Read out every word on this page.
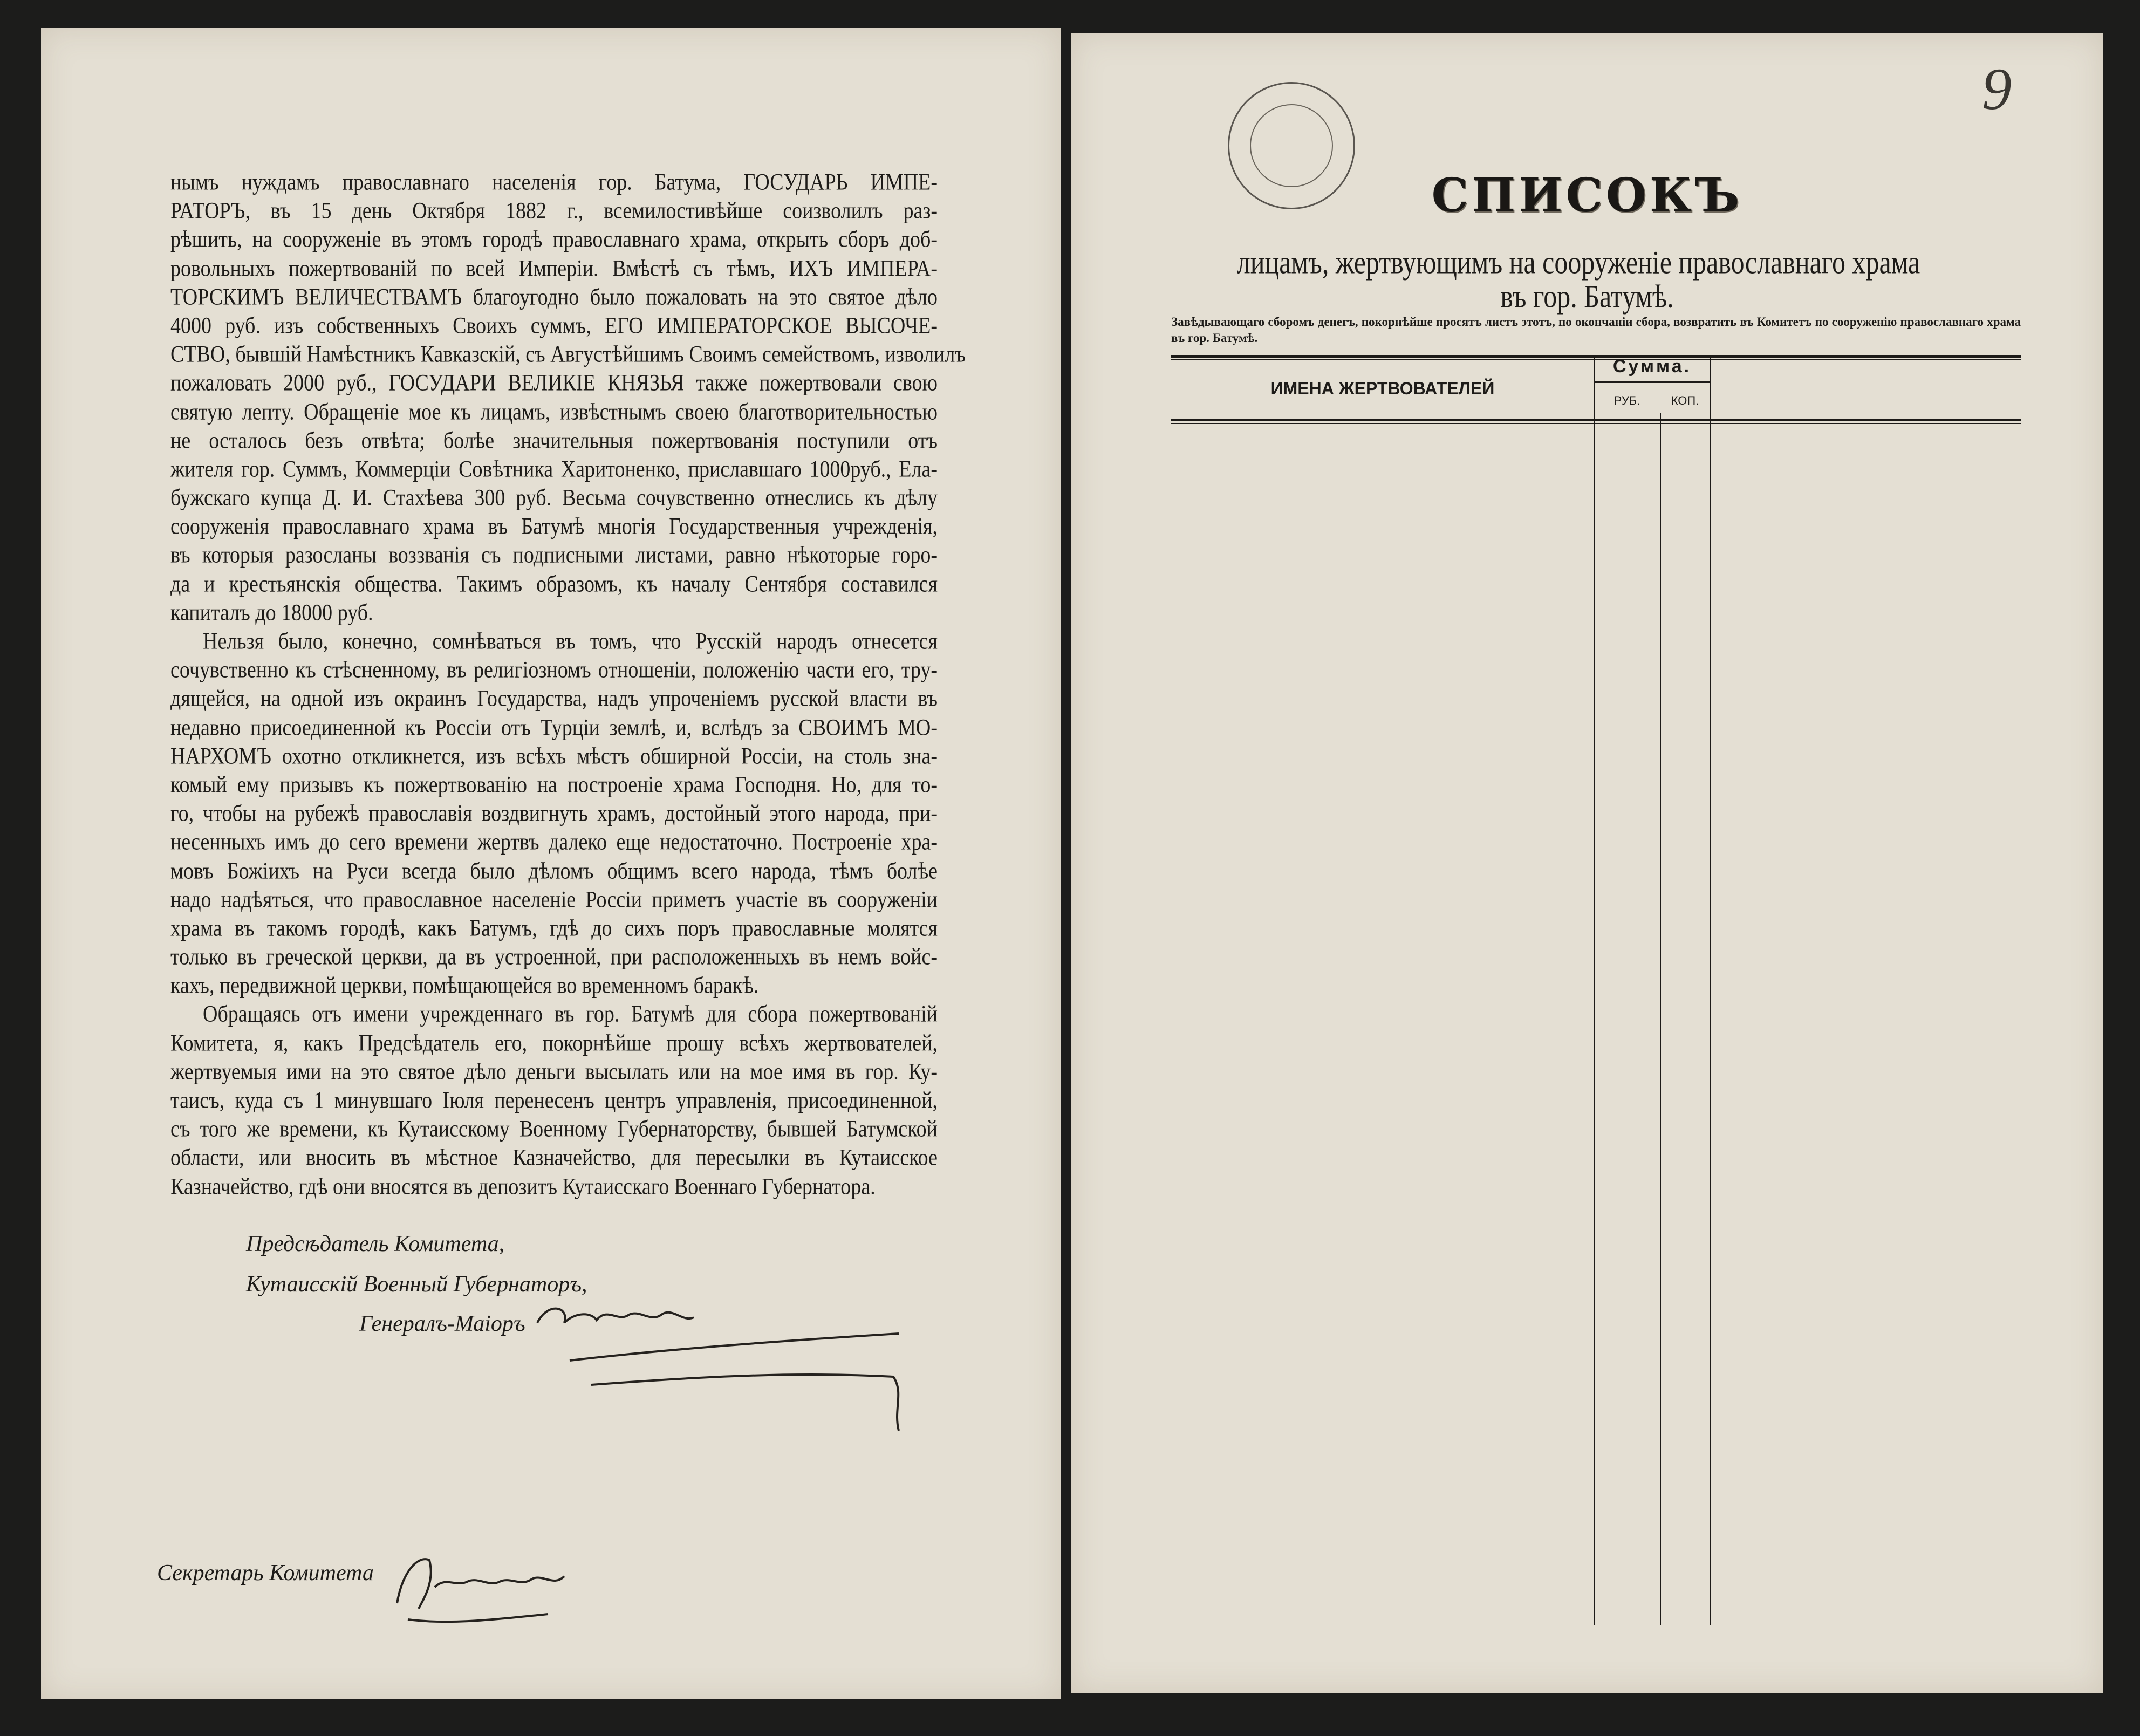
нымъ нуждамъ православнаго населенія гор. Батума, ГОСУДАРЬ ИМПЕ-
РАТОРЪ, въ 15 день Октября 1882 г., всемилостивѣйше соизволилъ раз-
рѣшить, на сооруженіе въ этомъ городѣ православнаго храма, открыть сборъ доб-
ровольныхъ пожертвованій по всей Имперіи. Вмѣстѣ съ тѣмъ, ИХЪ ИМПЕРА-
ТОРСКИМЪ ВЕЛИЧЕСТВАМЪ благоугодно было пожаловать на это святое дѣло
4000 руб. изъ собственныхъ Своихъ суммъ, ЕГО ИМПЕРАТОРСКОЕ ВЫСОЧЕ-
СТВО, бывшій Намѣстникъ Кавказскій, съ Августѣйшимъ Своимъ семействомъ, изволилъ
пожаловать 2000 руб., ГОСУДАРИ ВЕЛИКІЕ КНЯЗЬЯ также пожертвовали свою
святую лепту. Обращеніе мое къ лицамъ, извѣстнымъ своею благотворительностью
не осталось безъ отвѣта; болѣе значительныя пожертвованія поступили отъ
жителя гор. Суммъ, Коммерціи Совѣтника Харитоненко, приславшаго 1000руб., Ела-
бужскаго купца Д. И. Стахѣева 300 руб. Весьма сочувственно отнеслись къ дѣлу
сооруженія православнаго храма въ Батумѣ многія Государственныя учрежденія,
въ которыя разосланы воззванія съ подписными листами, равно нѣкоторые горо-
да и крестьянскія общества. Такимъ образомъ, къ началу Сентября составился
капиталъ до 18000 руб.
Нельзя было, конечно, сомнѣваться въ томъ, что Русскій народъ отнесется
сочувственно къ стѣсненному, въ религіозномъ отношеніи, положенію части его, тру-
дящейся, на одной изъ окраинъ Государства, надъ упроченіемъ русской власти въ
недавно присоединенной къ Россіи отъ Турціи землѣ, и, вслѣдъ за СВОИМЪ МО-
НАРХОМЪ охотно откликнется, изъ всѣхъ мѣстъ обширной Россіи, на столь зна-
комый ему призывъ къ пожертвованію на построеніе храма Господня. Но, для то-
го, чтобы на рубежѣ православія воздвигнуть храмъ, достойный этого народа, при-
несенныхъ имъ до сего времени жертвъ далеко еще недостаточно. Построеніе хра-
мовъ Божіихъ на Руси всегда было дѣломъ общимъ всего народа, тѣмъ болѣе
надо надѣяться, что православное населеніе Россіи приметъ участіе въ сооруженіи
храма въ такомъ городѣ, какъ Батумъ, гдѣ до сихъ поръ православные молятся
только въ греческой церкви, да въ устроенной, при расположенныхъ въ немъ войс-
кахъ, передвижной церкви, помѣщающейся во временномъ баракѣ.
Обращаясь отъ имени учрежденнаго въ гор. Батумѣ для сбора пожертвованій
Комитета, я, какъ Предсѣдатель его, покорнѣйше прошу всѣхъ жертвователей,
жертвуемыя ими на это святое дѣло деньги высылать или на мое имя въ гор. Ку-
таисъ, куда съ 1 минувшаго Іюля перенесенъ центръ управленія, присоединенной,
съ того же времени, къ Кутаисскому Военному Губернаторству, бывшей Батумской
области, или вносить въ мѣстное Казначейство, для пересылки въ Кутаисское
Казначейство, гдѣ они вносятся въ депозитъ Кутаисскаго Военнаго Губернатора.
Предсѣдатель Комитета,
Кутаисскій Военный Губернаторъ,
Генералъ-Маіоръ
Секретарь Комитета
9
СПИСОКЪ
лицамъ, жертвующимъ на сооруженіе православнаго храма
въ гор. Батумѣ.
Завѣдывающаго сборомъ денегъ, покорнѣйше просятъ листъ этотъ, по окончаніи сбора, возвратить въ Комитетъ по сооруженію православнаго храма въ гор. Батумѣ.
ИМЕНА ЖЕРТВОВАТЕЛЕЙ
Сумма.
РУБ.	КОП.
